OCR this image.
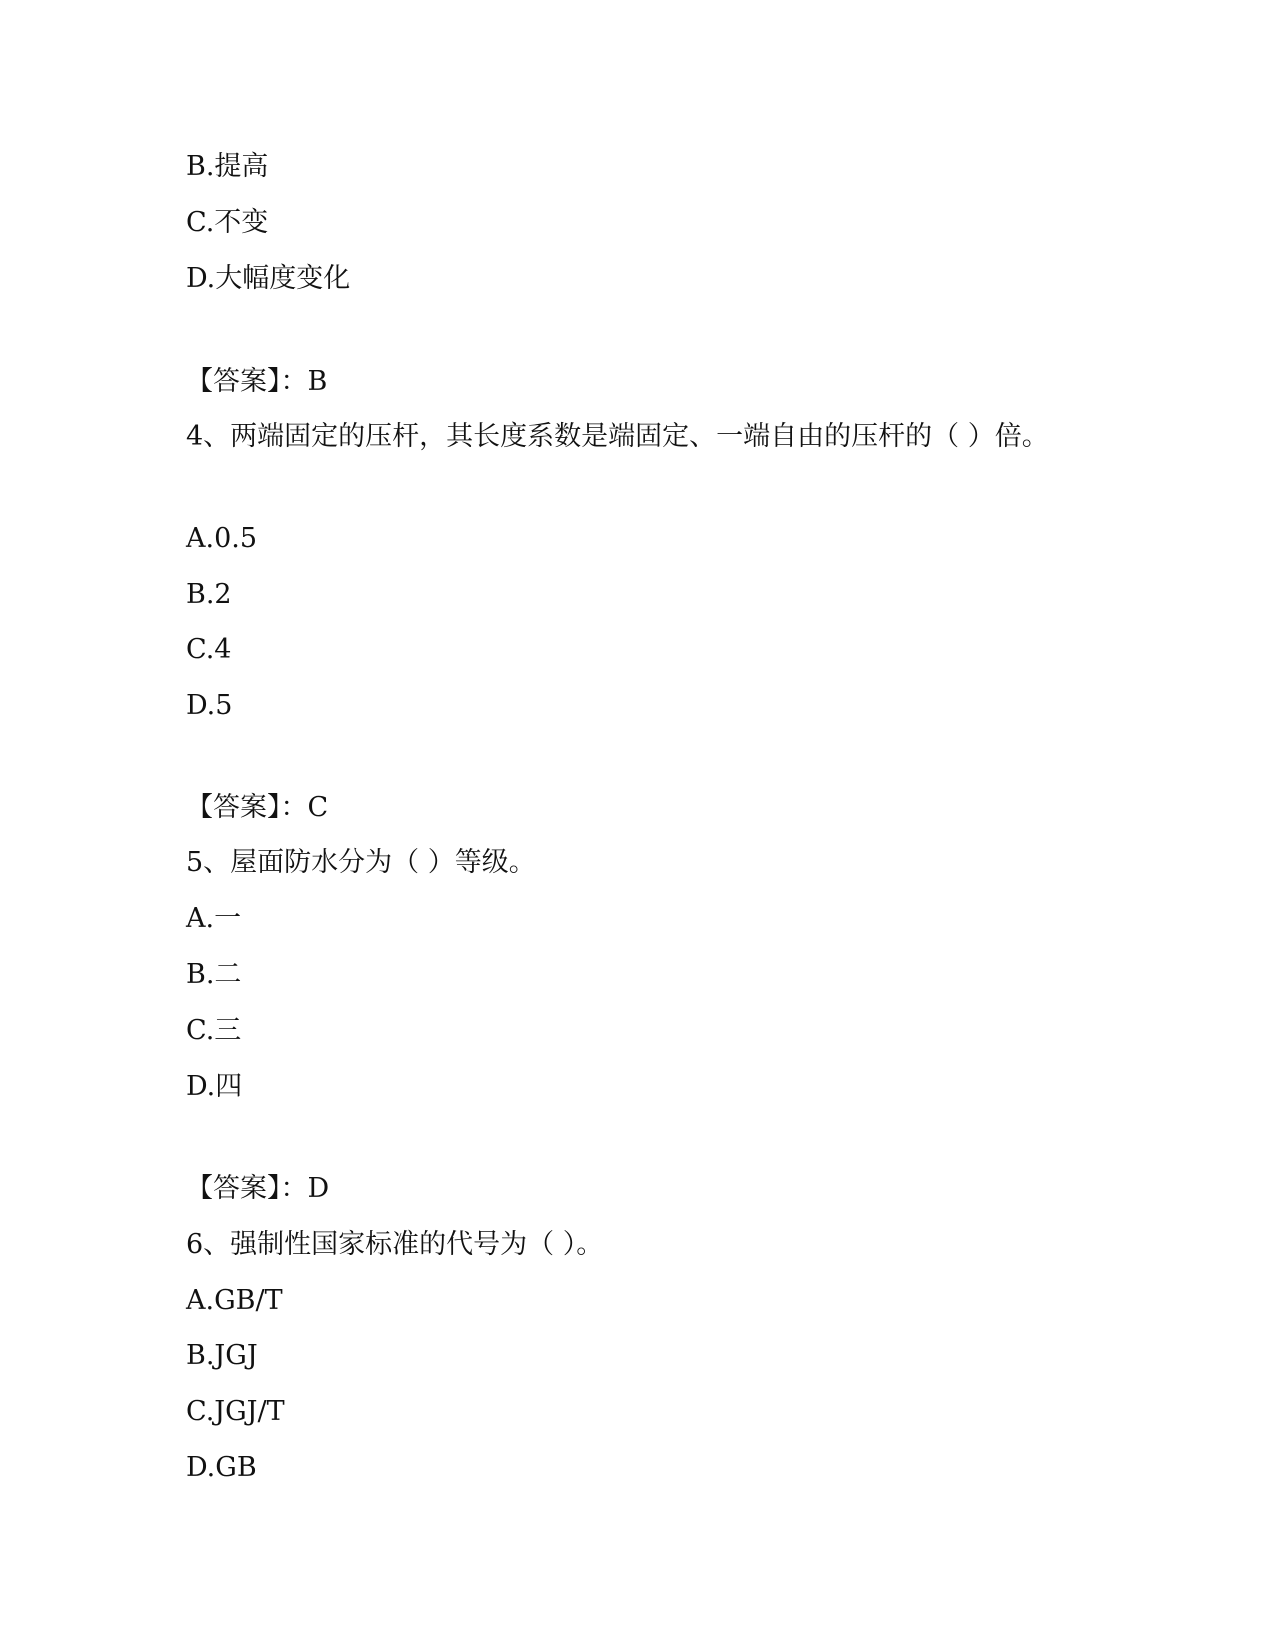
B.提高
C.不变
D.大幅度变化
【答案】：B
4、两端固定的压杆，其长度系数是端固定、一端自由的压杆的（ ）倍。
A.0.5
B.2
C.4
D.5
【答案】：C
5、屋面防水分为（ ）等级。
A.一
B.二
C.三
D.四
【答案】：D
6、强制性国家标准的代号为（ ）。
A.GB/T
B.JGJ
C.JGJ/T
D.GB
